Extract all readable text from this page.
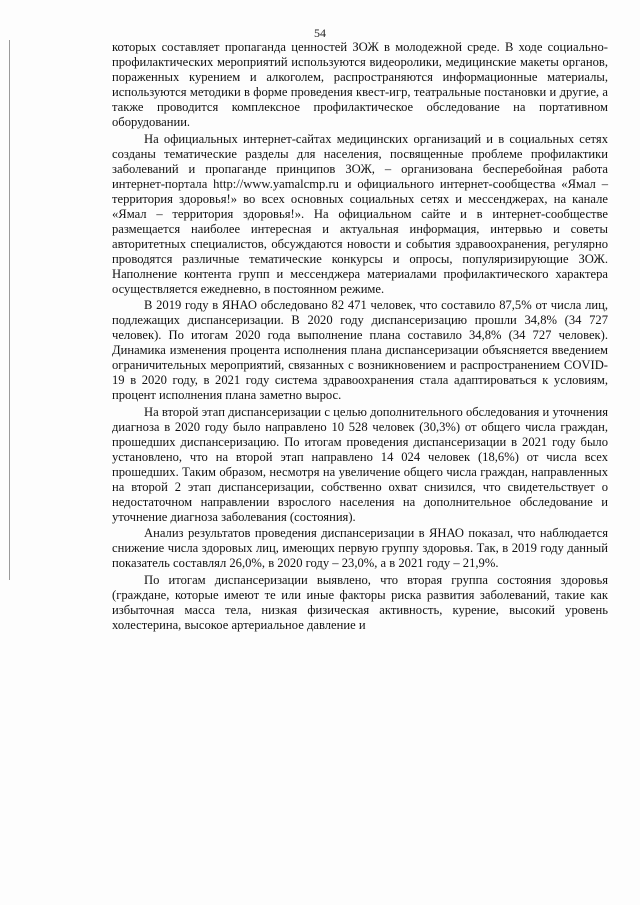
54

которых составляет пропаганда ценностей ЗОЖ в молодежной среде. В ходе социально-профилактических мероприятий используются видеоролики, медицинские макеты органов, пораженных курением и алкоголем, распространяются информационные материалы, используются методики в форме проведения квест-игр, театральные постановки и другие, а также проводится комплексное профилактическое обследование на портативном оборудовании.

На официальных интернет-сайтах медицинских организаций и в социальных сетях созданы тематические разделы для населения, посвященные проблеме профилактики заболеваний и пропаганде принципов ЗОЖ, – организована бесперебойная работа интернет-портала http://www.yamalcmp.ru и официального интернет-сообщества «Ямал – территория здоровья!» во всех основных социальных сетях и мессенджерах, на канале «Ямал – территория здоровья!». На официальном сайте и в интернет-сообществе размещается наиболее интересная и актуальная информация, интервью и советы авторитетных специалистов, обсуждаются новости и события здравоохранения, регулярно проводятся различные тематические конкурсы и опросы, популяризирующие ЗОЖ. Наполнение контента групп и мессенджера материалами профилактического характера осуществляется ежедневно, в постоянном режиме.

В 2019 году в ЯНАО обследовано 82 471 человек, что составило 87,5% от числа лиц, подлежащих диспансеризации. В 2020 году диспансеризацию прошли 34,8% (34 727 человек). По итогам 2020 года выполнение плана составило 34,8% (34 727 человек). Динамика изменения процента исполнения плана диспансеризации объясняется введением ограничительных мероприятий, связанных с возникновением и распространением COVID-19 в 2020 году, в 2021 году система здравоохранения стала адаптироваться к условиям, процент исполнения плана заметно вырос.

На второй этап диспансеризации с целью дополнительного обследования и уточнения диагноза в 2020 году было направлено 10 528 человек (30,3%) от общего числа граждан, прошедших диспансеризацию. По итогам проведения диспансеризации в 2021 году было установлено, что на второй этап направлено 14 024 человек (18,6%) от числа всех прошедших. Таким образом, несмотря на увеличение общего числа граждан, направленных на второй 2 этап диспансеризации, собственно охват снизился, что свидетельствует о недостаточном направлении взрослого населения на дополнительное обследование и уточнение диагноза заболевания (состояния).

Анализ результатов проведения диспансеризации в ЯНАО показал, что наблюдается снижение числа здоровых лиц, имеющих первую группу здоровья. Так, в 2019 году данный показатель составлял 26,0%, в 2020 году – 23,0%, а в 2021 году – 21,9%.

По итогам диспансеризации выявлено, что вторая группа состояния здоровья (граждане, которые имеют те или иные факторы риска развития заболеваний, такие как избыточная масса тела, низкая физическая активность, курение, высокий уровень холестерина, высокое артериальное давление и
